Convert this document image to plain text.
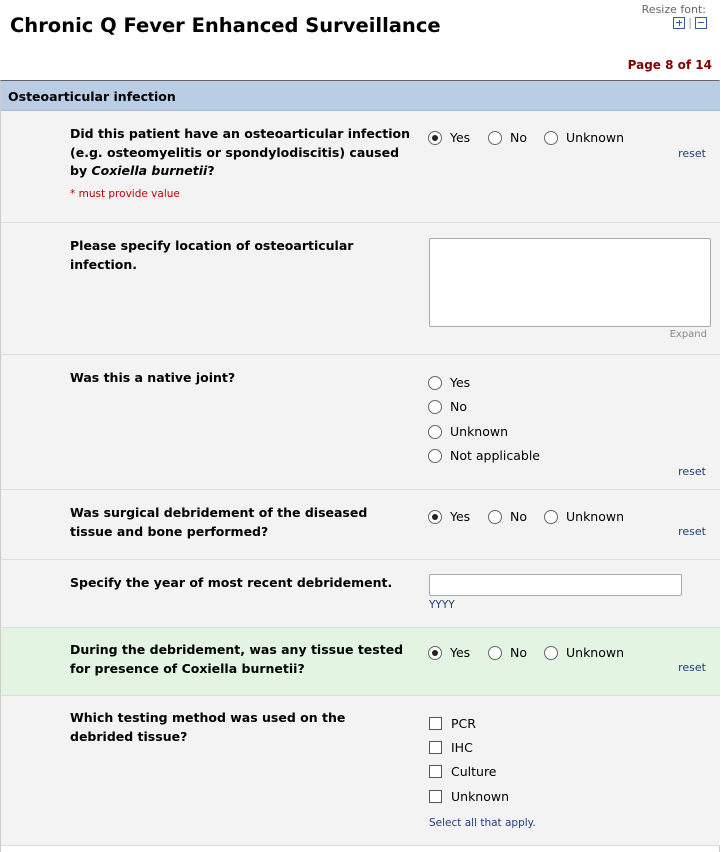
Chronic Q Fever Enhanced Surveillance
Resize font:
|
Page 8 of 14
Osteoarticular infection
Did this patient have an osteoarticular infection (e.g. osteomyelitis or spondylodiscitis) caused by Coxiella burnetii?
* must provide value
Yes	No	Unknown
reset
Please specify location of osteoarticular infection.
Expand
Was this a native joint?	Yes
No
Unknown
Not applicable
reset
Was surgical debridement of the diseased tissue and bone performed?
Yes	No	Unknown
reset
Specify the year of most recent debridement.
YYYY
During the debridement, was any tissue tested for presence of Coxiella burnetii?
Yes	No	Unknown
reset
Which testing method was used on the debrided tissue?
PCR
IHC
Culture
Unknown
Select all that apply.
